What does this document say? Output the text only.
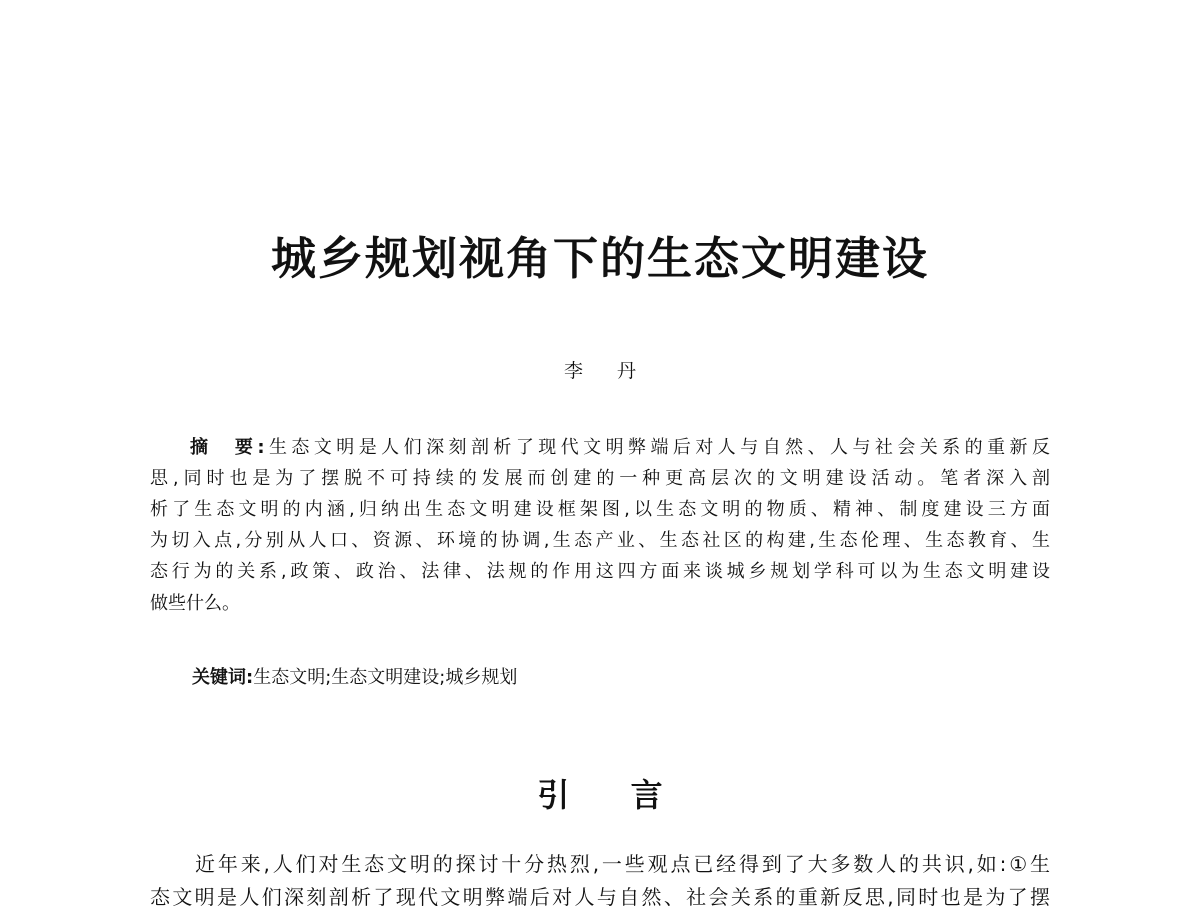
城乡规划视角下的生态文明建设
李 丹
摘　要:生态文明是人们深刻剖析了现代文明弊端后对人与自然、人与社会关系的重新反
思,同时也是为了摆脱不可持续的发展而创建的一种更高层次的文明建设活动。笔者深入剖
析了生态文明的内涵,归纳出生态文明建设框架图,以生态文明的物质、精神、制度建设三方面
为切入点,分别从人口、资源、环境的协调,生态产业、生态社区的构建,生态伦理、生态教育、生
态行为的关系,政策、政治、法律、法规的作用这四方面来谈城乡规划学科可以为生态文明建设
做些什么。
关键词:生态文明;生态文明建设;城乡规划
引 言
近年来,人们对生态文明的探讨十分热烈,一些观点已经得到了大多数人的共识,如:①生
态文明是人们深刻剖析了现代文明弊端后对人与自然、社会关系的重新反思,同时也是为了摆
